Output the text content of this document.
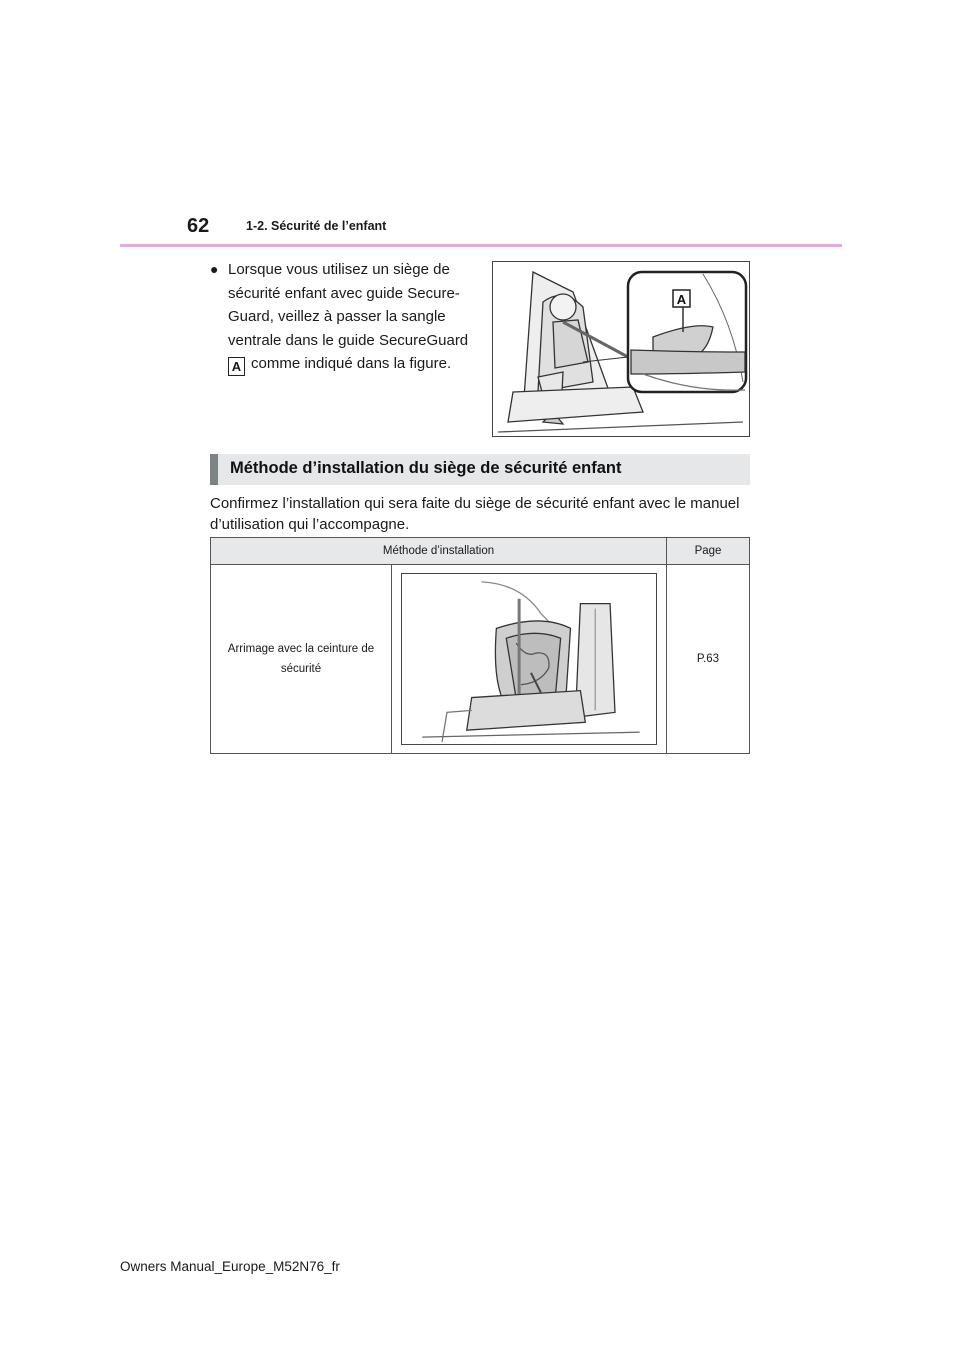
62	1-2. Sécurité de l’enfant
● Lorsque vous utilisez un siège de
sécurité enfant avec guide Secure-
Guard, veillez à passer la sangle
ventrale dans le guide SecureGuard
A comme indiqué dans la figure.
A
Méthode d’installation du siège de sécurité enfant
Confirmez l’installation qui sera faite du siège de sécurité enfant avec le manuel d’utilisation qui l’accompagne.
Méthode d’installation		Page
Arrimage avec la ceinture de sécurité		P.63
Owners Manual_Europe_M52N76_fr
